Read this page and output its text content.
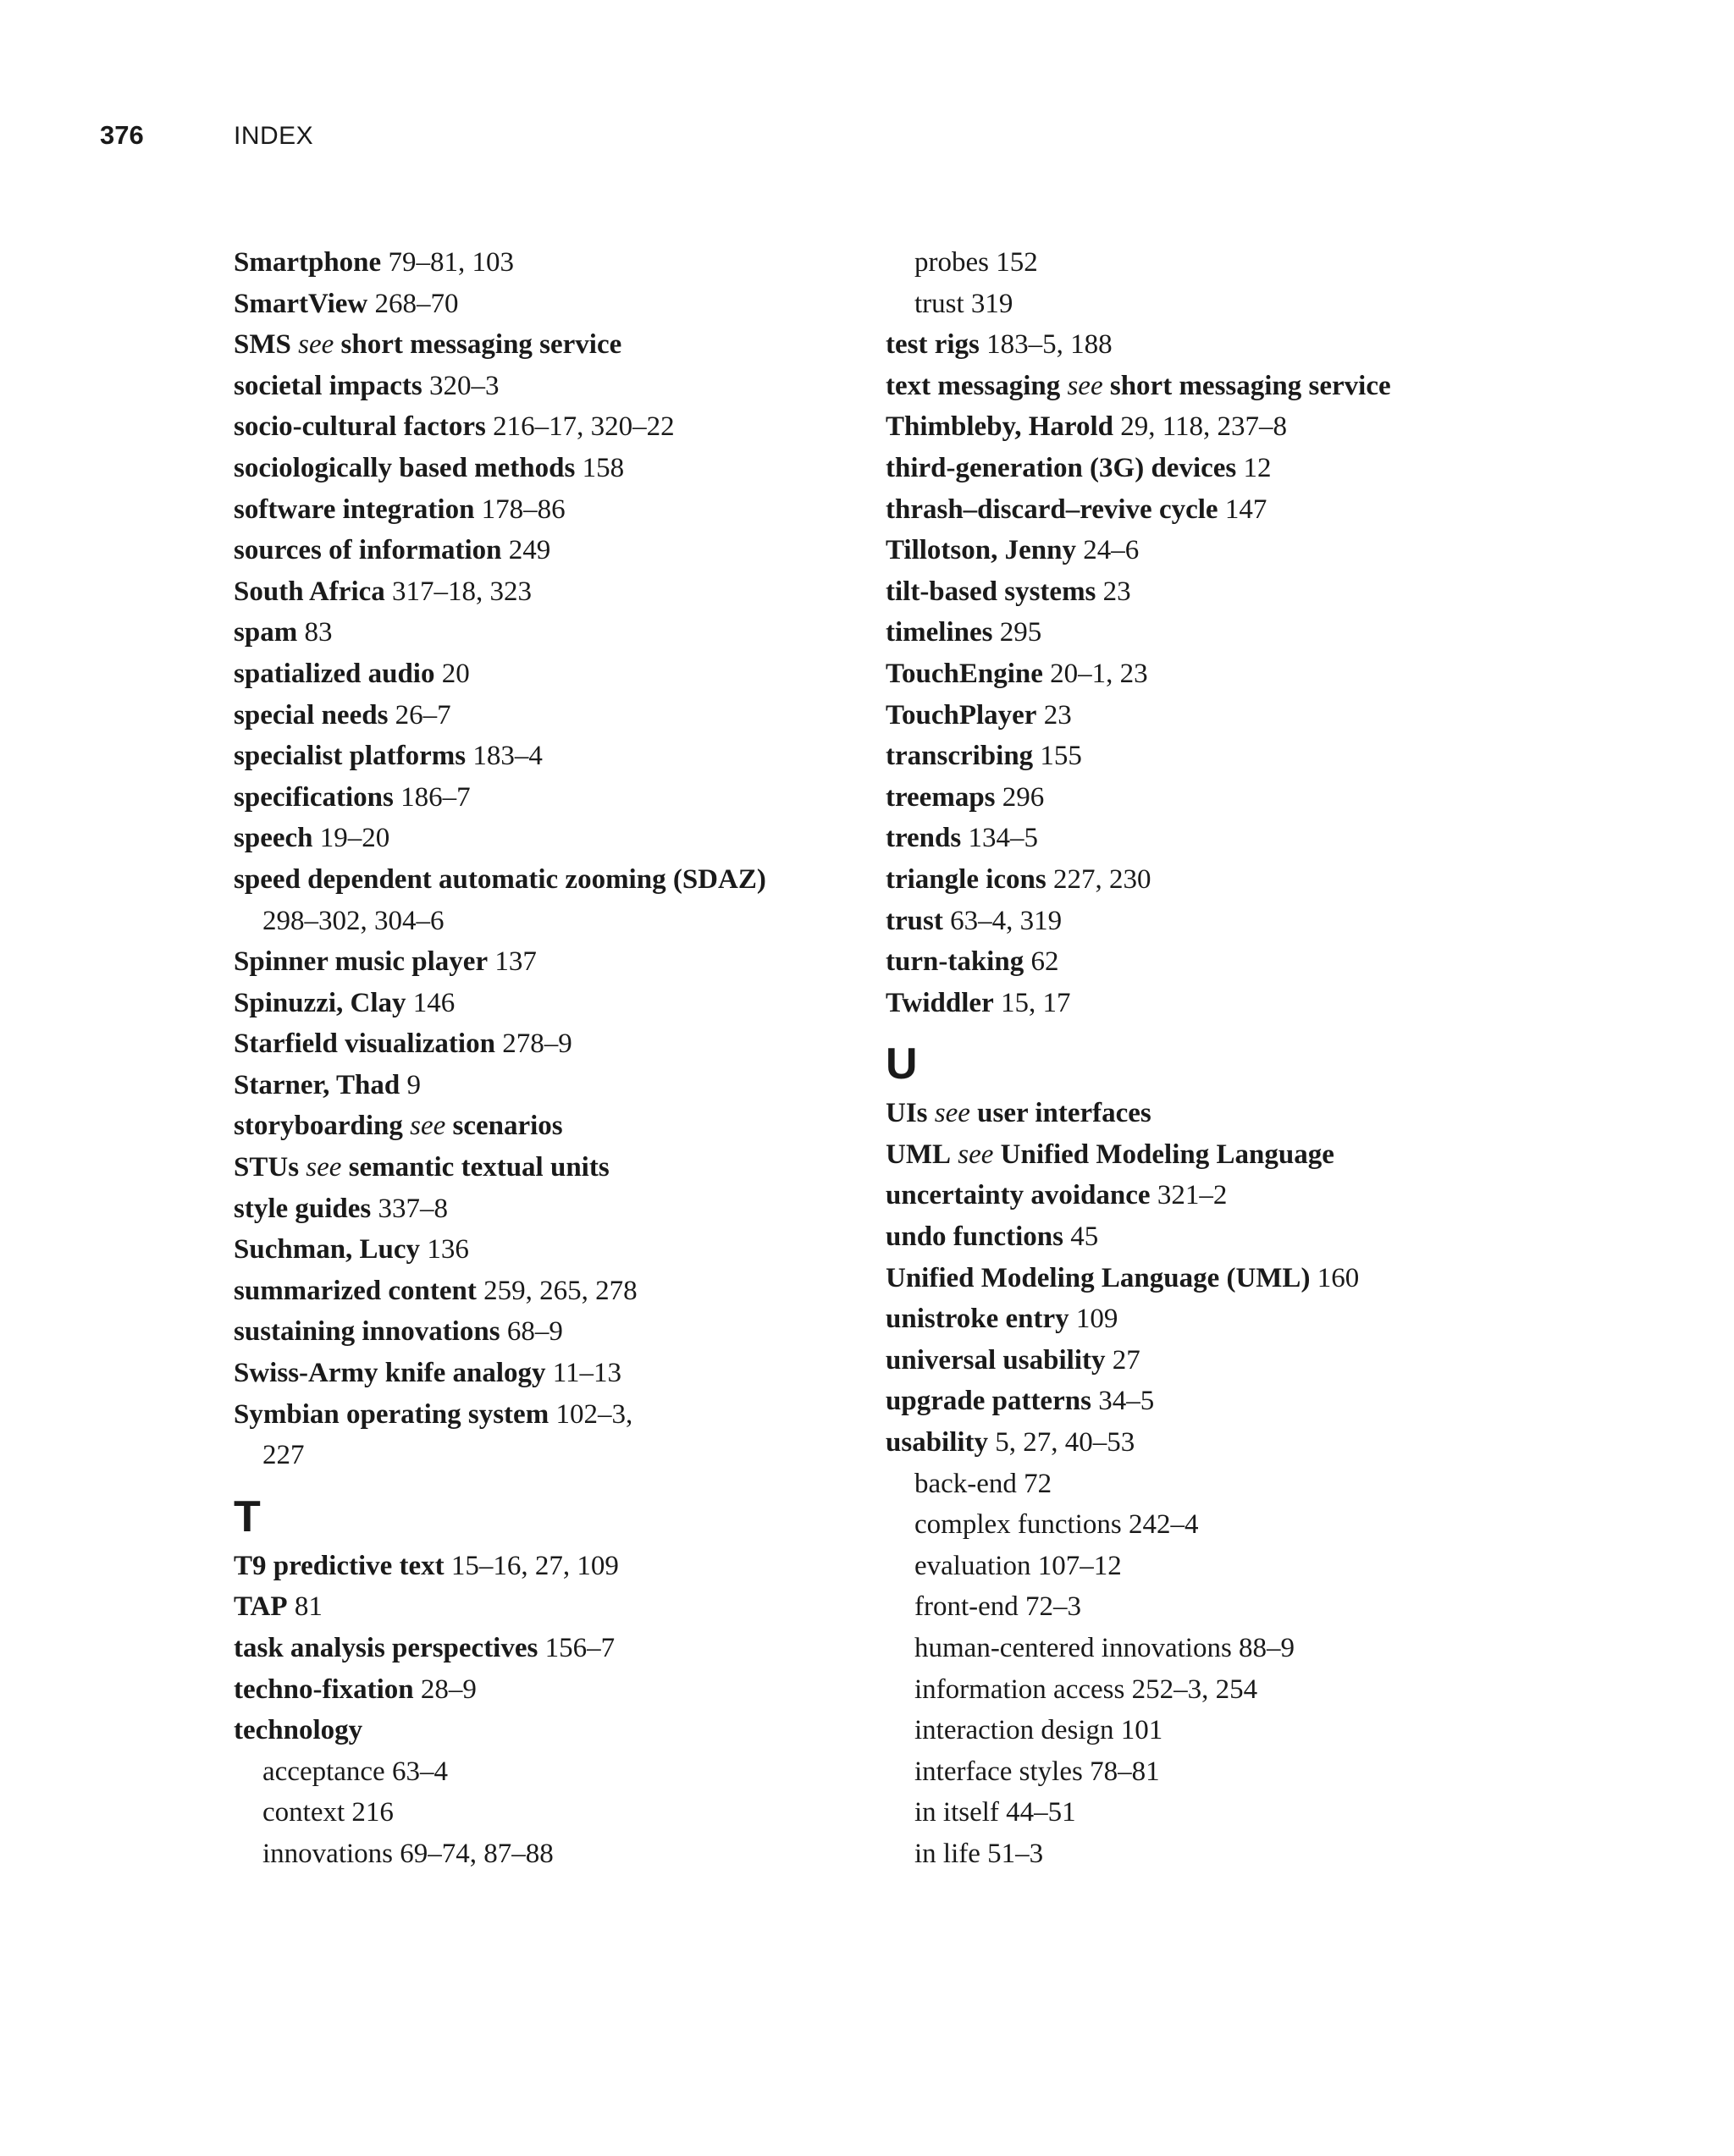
376	INDEX
Smartphone 79–81, 103
SmartView 268–70
SMS see short messaging service
societal impacts 320–3
socio-cultural factors 216–17, 320–22
sociologically based methods 158
software integration 178–86
sources of information 249
South Africa 317–18, 323
spam 83
spatialized audio 20
special needs 26–7
specialist platforms 183–4
specifications 186–7
speech 19–20
speed dependent automatic zooming (SDAZ)
298–302, 304–6
Spinner music player 137
Spinuzzi, Clay 146
Starfield visualization 278–9
Starner, Thad 9
storyboarding see scenarios
STUs see semantic textual units
style guides 337–8
Suchman, Lucy 136
summarized content 259, 265, 278
sustaining innovations 68–9
Swiss-Army knife analogy 11–13
Symbian operating system 102–3,
227
T
T9 predictive text 15–16, 27, 109
TAP 81
task analysis perspectives 156–7
techno-fixation 28–9
technology
acceptance 63–4
context 216
innovations 69–74, 87–88
probes 152
trust 319
test rigs 183–5, 188
text messaging see short messaging service
Thimbleby, Harold 29, 118, 237–8
third-generation (3G) devices 12
thrash–discard–revive cycle 147
Tillotson, Jenny 24–6
tilt-based systems 23
timelines 295
TouchEngine 20–1, 23
TouchPlayer 23
transcribing 155
treemaps 296
trends 134–5
triangle icons 227, 230
trust 63–4, 319
turn-taking 62
Twiddler 15, 17
U
UIs see user interfaces
UML see Unified Modeling Language
uncertainty avoidance 321–2
undo functions 45
Unified Modeling Language (UML) 160
unistroke entry 109
universal usability 27
upgrade patterns 34–5
usability 5, 27, 40–53
back-end 72
complex functions 242–4
evaluation 107–12
front-end 72–3
human-centered innovations 88–9
information access 252–3, 254
interaction design 101
interface styles 78–81
in itself 44–51
in life 51–3
